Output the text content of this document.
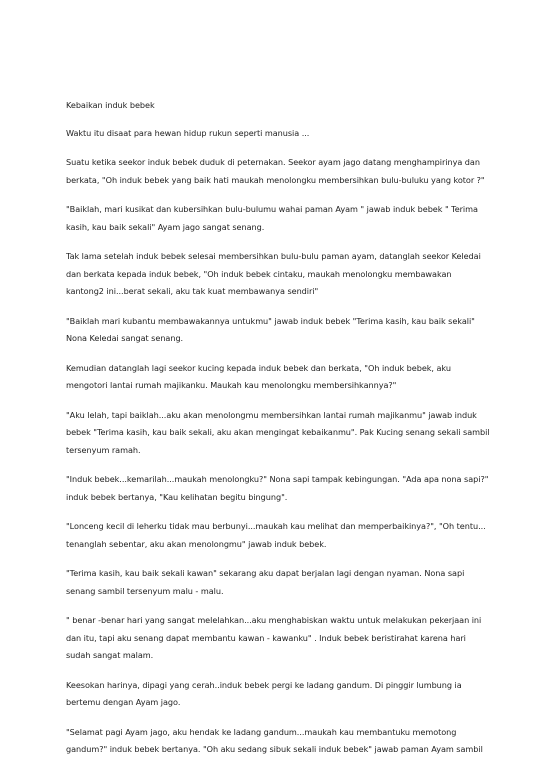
Kebaikan induk bebek

Waktu itu disaat para hewan hidup rukun seperti manusia ...

Suatu ketika seekor induk bebek duduk di peternakan. Seekor ayam jago datang menghampirinya dan
berkata, "Oh induk bebek yang baik hati maukah menolongku membersihkan bulu-buluku yang kotor ?"

"Baiklah, mari kusikat dan kubersihkan bulu-bulumu wahai paman Ayam " jawab induk bebek " Terima
kasih, kau baik sekali" Ayam jago sangat senang.

Tak lama setelah induk bebek selesai membersihkan bulu-bulu paman ayam, datanglah seekor Keledai
dan berkata kepada induk bebek, "Oh induk bebek cintaku, maukah menolongku membawakan
kantong2 ini...berat sekali, aku tak kuat membawanya sendiri"

"Baiklah mari kubantu membawakannya untukmu" jawab induk bebek "Terima kasih, kau baik sekali"
Nona Keledai sangat senang.

Kemudian datanglah lagi seekor kucing kepada induk bebek dan berkata, "Oh induk bebek, aku
mengotori lantai rumah majikanku. Maukah kau menolongku membersihkannya?"

"Aku lelah, tapi baiklah...aku akan menolongmu membersihkan lantai rumah majikanmu" jawab induk
bebek "Terima kasih, kau baik sekali, aku akan mengingat kebaikanmu". Pak Kucing senang sekali sambil
tersenyum ramah.

"Induk bebek...kemarilah...maukah menolongku?" Nona sapi tampak kebingungan. "Ada apa nona sapi?"
induk bebek bertanya, "Kau kelihatan begitu bingung".

"Lonceng kecil di leherku tidak mau berbunyi...maukah kau melihat dan memperbaikinya?", "Oh tentu...
tenanglah sebentar, aku akan menolongmu" jawab induk bebek.

"Terima kasih, kau baik sekali kawan" sekarang aku dapat berjalan lagi dengan nyaman. Nona sapi
senang sambil tersenyum malu - malu.

" benar -benar hari yang sangat melelahkan...aku menghabiskan waktu untuk melakukan pekerjaan ini
dan itu, tapi aku senang dapat membantu kawan - kawanku" . Induk bebek beristirahat karena hari
sudah sangat malam.

Keesokan harinya, dipagi yang cerah..induk bebek pergi ke ladang gandum. Di pinggir lumbung ia
bertemu dengan Ayam jago.

"Selamat pagi Ayam jago, aku hendak ke ladang gandum...maukah kau membantuku memotong
gandum?" induk bebek bertanya. "Oh aku sedang sibuk sekali induk bebek" jawab paman Ayam sambil
